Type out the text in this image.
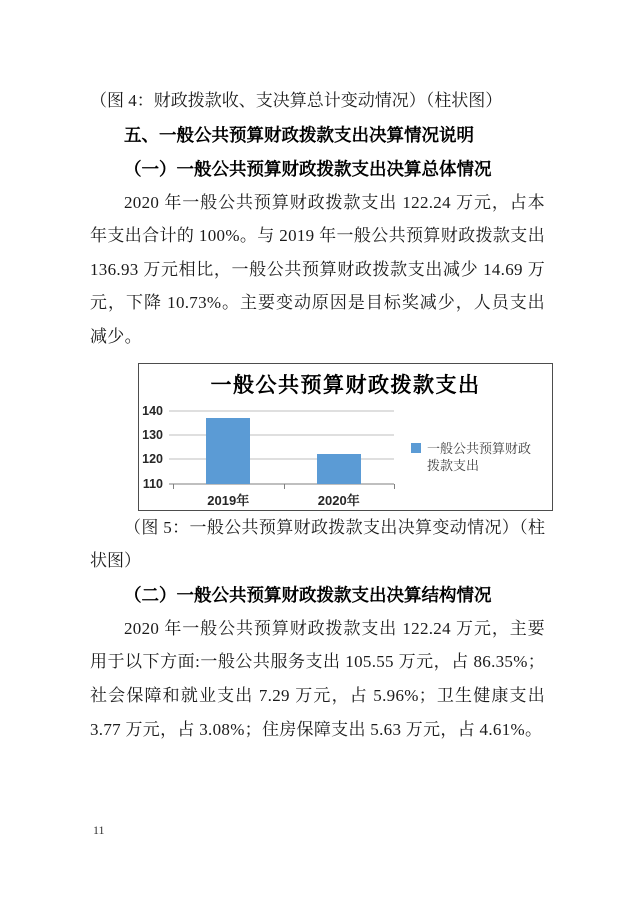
（图 4：财政拨款收、支决算总计变动情况）（柱状图）

五、一般公共预算财政拨款支出决算情况说明
（一）一般公共预算财政拨款支出决算总体情况

2020 年一般公共预算财政拨款支出 122.24 万元，占本年支出合计的 100%。与 2019 年一般公共预算财政拨款支出 136.93 万元相比，一般公共预算财政拨款支出减少 14.69 万元，下降 10.73%。主要变动原因是目标奖减少，人员支出减少。

一般公共预算财政拨款支出
110
120
130
140
2019年	2020年
一般公共预算财政拨款支出

（图 5：一般公共预算财政拨款支出决算变动情况）（柱状图）

（二）一般公共预算财政拨款支出决算结构情况

2020 年一般公共预算财政拨款支出 122.24 万元，主要用于以下方面:一般公共服务支出 105.55 万元，占 86.35%；社会保障和就业支出 7.29 万元，占 5.96%；卫生健康支出 3.77 万元，占 3.08%；住房保障支出 5.63 万元，占 4.61%。

11
